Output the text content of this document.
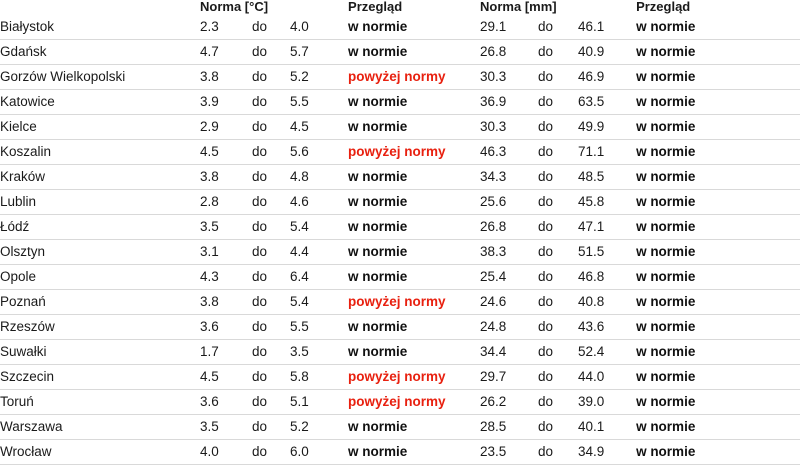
	Norma [°C]			Przegląd	Norma [mm]			Przegląd
Białystok	2.3	do	4.0	w normie	29.1	do	46.1	w normie
Gdańsk	4.7	do	5.7	w normie	26.8	do	40.9	w normie
Gorzów Wielkopolski	3.8	do	5.2	powyżej normy	30.3	do	46.9	w normie
Katowice	3.9	do	5.5	w normie	36.9	do	63.5	w normie
Kielce	2.9	do	4.5	w normie	30.3	do	49.9	w normie
Koszalin	4.5	do	5.6	powyżej normy	46.3	do	71.1	w normie
Kraków	3.8	do	4.8	w normie	34.3	do	48.5	w normie
Lublin	2.8	do	4.6	w normie	25.6	do	45.8	w normie
Łódź	3.5	do	5.4	w normie	26.8	do	47.1	w normie
Olsztyn	3.1	do	4.4	w normie	38.3	do	51.5	w normie
Opole	4.3	do	6.4	w normie	25.4	do	46.8	w normie
Poznań	3.8	do	5.4	powyżej normy	24.6	do	40.8	w normie
Rzeszów	3.6	do	5.5	w normie	24.8	do	43.6	w normie
Suwałki	1.7	do	3.5	w normie	34.4	do	52.4	w normie
Szczecin	4.5	do	5.8	powyżej normy	29.7	do	44.0	w normie
Toruń	3.6	do	5.1	powyżej normy	26.2	do	39.0	w normie
Warszawa	3.5	do	5.2	w normie	28.5	do	40.1	w normie
Wrocław	4.0	do	6.0	w normie	23.5	do	34.9	w normie
